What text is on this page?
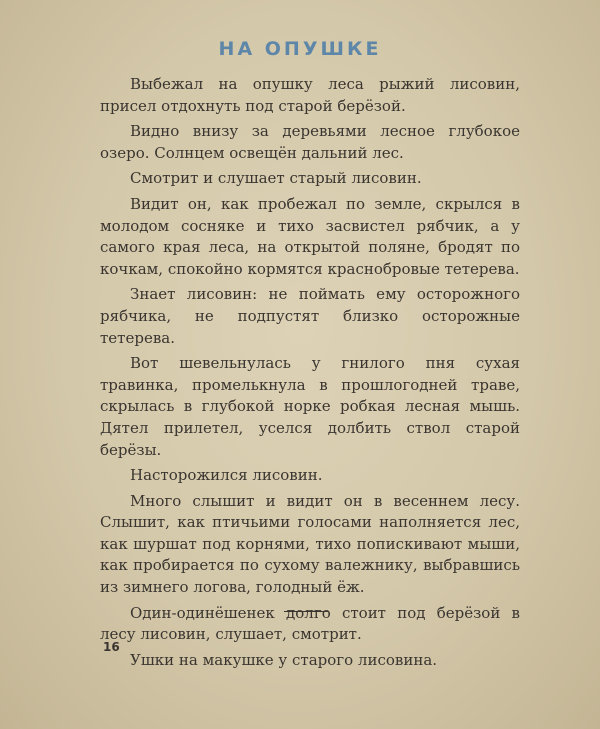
НА ОПУШКЕ

Выбежал на опушку леса рыжий лисовин, присел отдохнуть под старой берёзой.

Видно внизу за деревьями лесное глубокое озеро. Солнцем освещён дальний лес.

Смотрит и слушает старый лисовин.

Видит он, как пробежал по земле, скрылся в молодом сосняке и тихо засвистел рябчик, а у самого края леса, на открытой поляне, бродят по кочкам, спокойно кормятся краснобровые тетерева.

Знает лисовин: не поймать ему осторожного рябчика, не подпустят близко осторожные тетерева.

Вот шевельнулась у гнилого пня сухая травинка, промелькнула в прошлогодней траве, скрылась в глубокой норке робкая лесная мышь. Дятел прилетел, уселся долбить ствол старой берёзы.

Насторожился лисовин.

Много слышит и видит он в весеннем лесу. Слышит, как птичьими голосами наполняется лес, как шуршат под корнями, тихо попискивают мыши, как пробирается по сухому валежнику, выбравшись из зимнего логова, голодный ёж.

Один-одинёшенек долго стоит под берёзой в лесу лисовин, слушает, смотрит.

Ушки на макушке у старого лисовина.

16
